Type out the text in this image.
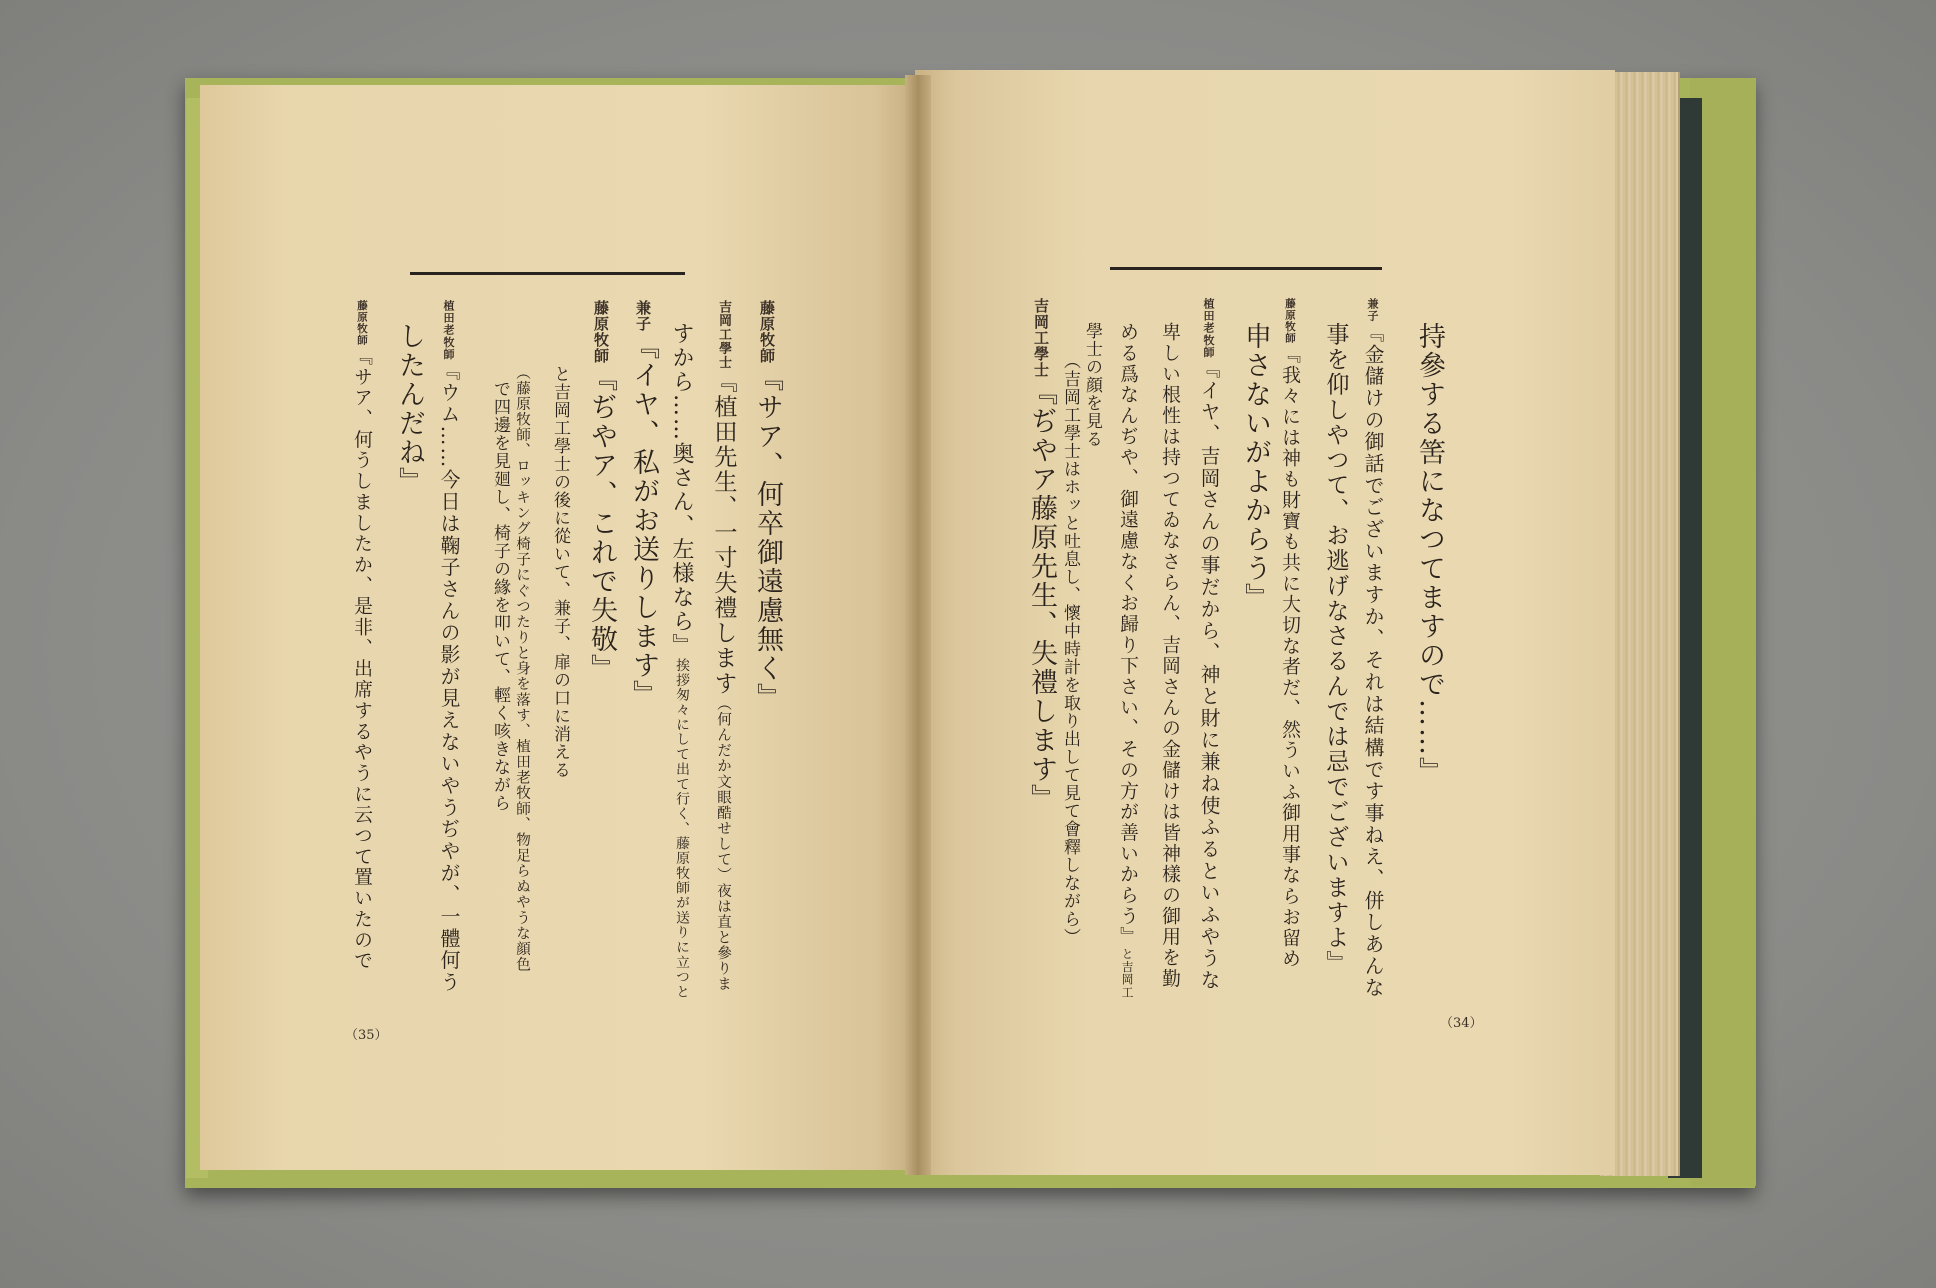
持參する筈になつてますので……』
兼子『金儲けの御話でございますか、それは結構です事ねえ、併しあんな
事を仰しやつて、お逃げなさるんでは忌でございますよ』
藤原牧師『我々には神も財寶も共に大切な者だ、然ういふ御用事ならお留め
申さないがよからう』
植田老牧師『イヤ、吉岡さんの事だから、神と財に兼ね使ふるといふやうな
卑しい根性は持つてゐなさらん、吉岡さんの金儲けは皆神樣の御用を勤
める爲なんぢや、御遠慮なくお歸り下さい、その方が善いからう』と吉岡工
學士の顔を見る
（吉岡工學士はホッと吐息し、懷中時計を取り出して見て會釋しながら）
吉岡工學士『ぢやア藤原先生、失禮します』
（34）
藤原牧師『サア、何卒御遠慮無く』
吉岡工學士『植田先生、一寸失禮します（何んだか文眼酷せして）夜は直と參りま
すから……奥さん、左様なら』挨拶匆々にして出て行く、藤原牧師が送りに立つと
兼子『イヤ、私がお送りします』
藤原牧師『ぢやア、これで失敬』
と吉岡工學士の後に從いて、兼子、扉の口に消える
（藤原牧師、ロッキング椅子にぐつたりと身を落す、植田老牧師、物足らぬやうな顔色
で四邊を見廻し、椅子の緣を叩いて、輕く咳きながら
植田老牧師『ウム……今日は鞠子さんの影が見えないやうぢやが、一體何う
したんだね』
藤原牧師『サア、何うしましたか、是非、出席するやうに云つて置いたので
（35）
